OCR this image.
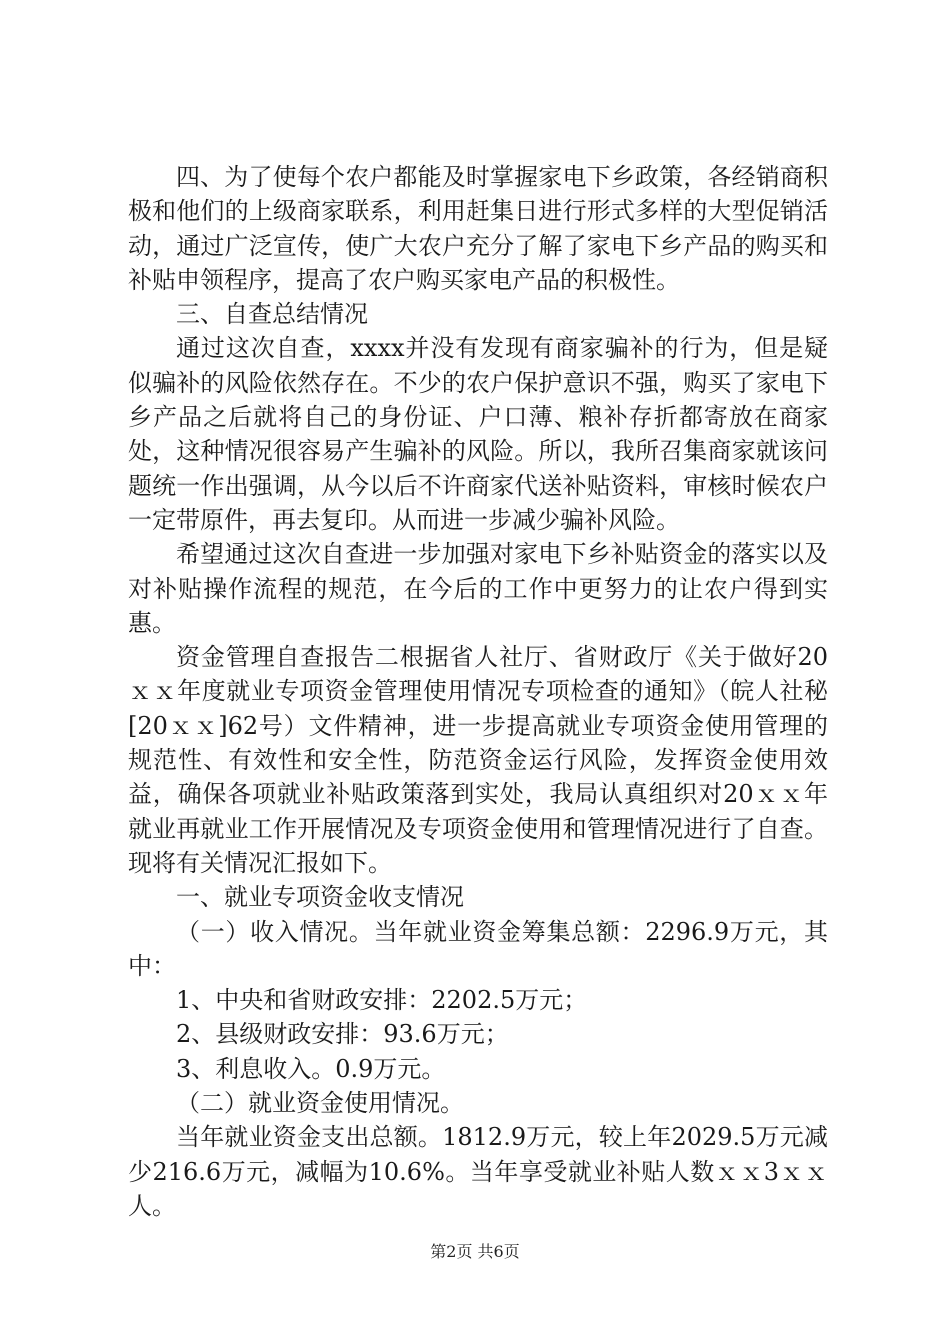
四、为了使每个农户都能及时掌握家电下乡政策，各经销商积极和他们的上级商家联系，利用赶集日进行形式多样的大型促销活动，通过广泛宣传，使广大农户充分了解了家电下乡产品的购买和补贴申领程序，提高了农户购买家电产品的积极性。

三、自查总结情况

通过这次自查，xxxx并没有发现有商家骗补的行为，但是疑似骗补的风险依然存在。不少的农户保护意识不强，购买了家电下乡产品之后就将自己的身份证、户口薄、粮补存折都寄放在商家处，这种情况很容易产生骗补的风险。所以，我所召集商家就该问题统一作出强调，从今以后不许商家代送补贴资料，审核时候农户一定带原件，再去复印。从而进一步减少骗补风险。

希望通过这次自查进一步加强对家电下乡补贴资金的落实以及对补贴操作流程的规范，在今后的工作中更努力的让农户得到实惠。

资金管理自查报告二根据省人社厅、省财政厅《关于做好20ｘｘ年度就业专项资金管理使用情况专项检查的通知》（皖人社秘[20ｘｘ]62号）文件精神，进一步提高就业专项资金使用管理的规范性、有效性和安全性，防范资金运行风险，发挥资金使用效益，确保各项就业补贴政策落到实处，我局认真组织对20ｘｘ年就业再就业工作开展情况及专项资金使用和管理情况进行了自查。现将有关情况汇报如下。

一、就业专项资金收支情况

（一）收入情况。当年就业资金筹集总额：2296.9万元，其中：

1、中央和省财政安排：2202.5万元；

2、县级财政安排：93.6万元；

3、利息收入。0.9万元。

（二）就业资金使用情况。

当年就业资金支出总额。1812.9万元，较上年2029.5万元减少216.6万元，减幅为10.6%。当年享受就业补贴人数ｘｘ3ｘｘ人。

第2页 共6页
